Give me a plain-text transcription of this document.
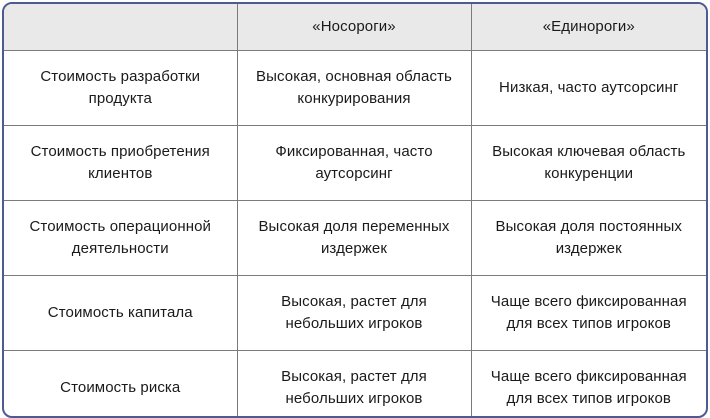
	«Носороги»	«Единороги»
Стоимость разработки продукта	Высокая, основная область конкурирования	Низкая, часто аутсорсинг
Стоимость приобретения клиентов	Фиксированная, часто аутсорсинг	Высокая ключевая область конкуренции
Стоимость операционной деятельности	Высокая доля переменных издержек	Высокая доля постоянных издержек
Стоимость капитала	Высокая, растет для небольших игроков	Чаще всего фиксированная для всех типов игроков
Стоимость риска	Высокая, растет для небольших игроков	Чаще всего фиксированная для всех типов игроков
